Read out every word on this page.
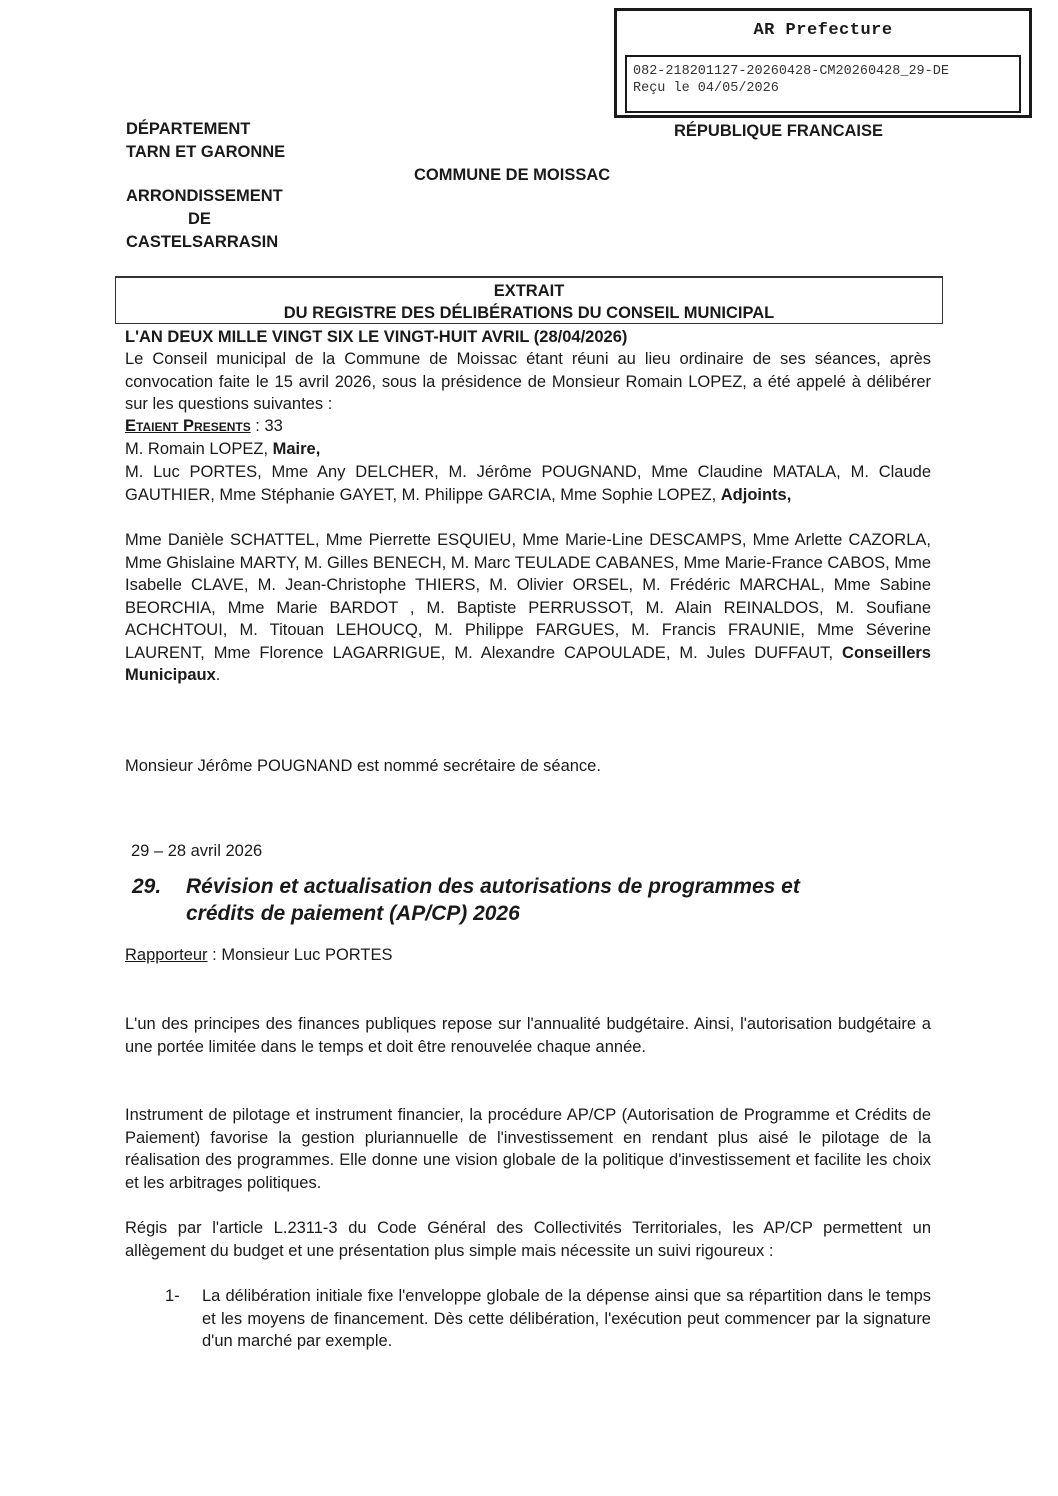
AR Prefecture
082-218201127-20260428-CM20260428_29-DE
Reçu le 04/05/2026
DÉPARTEMENT
TARN ET GARONNE
RÉPUBLIQUE FRANCAISE
COMMUNE DE MOISSAC
ARRONDISSEMENT
DE
CASTELSARRASIN
EXTRAIT
DU REGISTRE DES DÉLIBÉRATIONS DU CONSEIL MUNICIPAL
L'AN DEUX MILLE VINGT SIX LE VINGT-HUIT AVRIL (28/04/2026)
Le Conseil municipal de la Commune de Moissac étant réuni au lieu ordinaire de ses séances, après convocation faite le 15 avril 2026, sous la présidence de Monsieur Romain LOPEZ, a été appelé à délibérer sur les questions suivantes :
Etaient Presents : 33
M. Romain LOPEZ, Maire,
M. Luc PORTES, Mme Any DELCHER, M. Jérôme POUGNAND, Mme Claudine MATALA, M. Claude GAUTHIER, Mme Stéphanie GAYET, M. Philippe GARCIA, Mme Sophie LOPEZ, Adjoints,
Mme Danièle SCHATTEL, Mme Pierrette ESQUIEU, Mme Marie-Line DESCAMPS, Mme Arlette CAZORLA, Mme Ghislaine MARTY, M. Gilles BENECH, M. Marc TEULADE CABANES, Mme Marie-France CABOS, Mme Isabelle CLAVE, M. Jean-Christophe THIERS, M. Olivier ORSEL, M. Frédéric MARCHAL, Mme Sabine BEORCHIA, Mme Marie BARDOT , M. Baptiste PERRUSSOT, M. Alain REINALDOS, M. Soufiane ACHCHTOUI, M. Titouan LEHOUCQ, M. Philippe FARGUES, M. Francis FRAUNIE, Mme Séverine LAURENT, Mme Florence LAGARRIGUE, M. Alexandre CAPOULADE, M. Jules DUFFAUT, Conseillers Municipaux.
Monsieur Jérôme POUGNAND est nommé secrétaire de séance.
29 – 28 avril 2026
29. Révision et actualisation des autorisations de programmes et
crédits de paiement (AP/CP) 2026
Rapporteur : Monsieur Luc PORTES
L'un des principes des finances publiques repose sur l'annualité budgétaire. Ainsi, l'autorisation budgétaire a une portée limitée dans le temps et doit être renouvelée chaque année.
Instrument de pilotage et instrument financier, la procédure AP/CP (Autorisation de Programme et Crédits de Paiement) favorise la gestion pluriannuelle de l'investissement en rendant plus aisé le pilotage de la réalisation des programmes. Elle donne une vision globale de la politique d'investissement et facilite les choix et les arbitrages politiques.
Régis par l'article L.2311-3 du Code Général des Collectivités Territoriales, les AP/CP permettent un allègement du budget et une présentation plus simple mais nécessite un suivi rigoureux :
1- La délibération initiale fixe l'enveloppe globale de la dépense ainsi que sa répartition dans le temps et les moyens de financement. Dès cette délibération, l'exécution peut commencer par la signature d'un marché par exemple.
